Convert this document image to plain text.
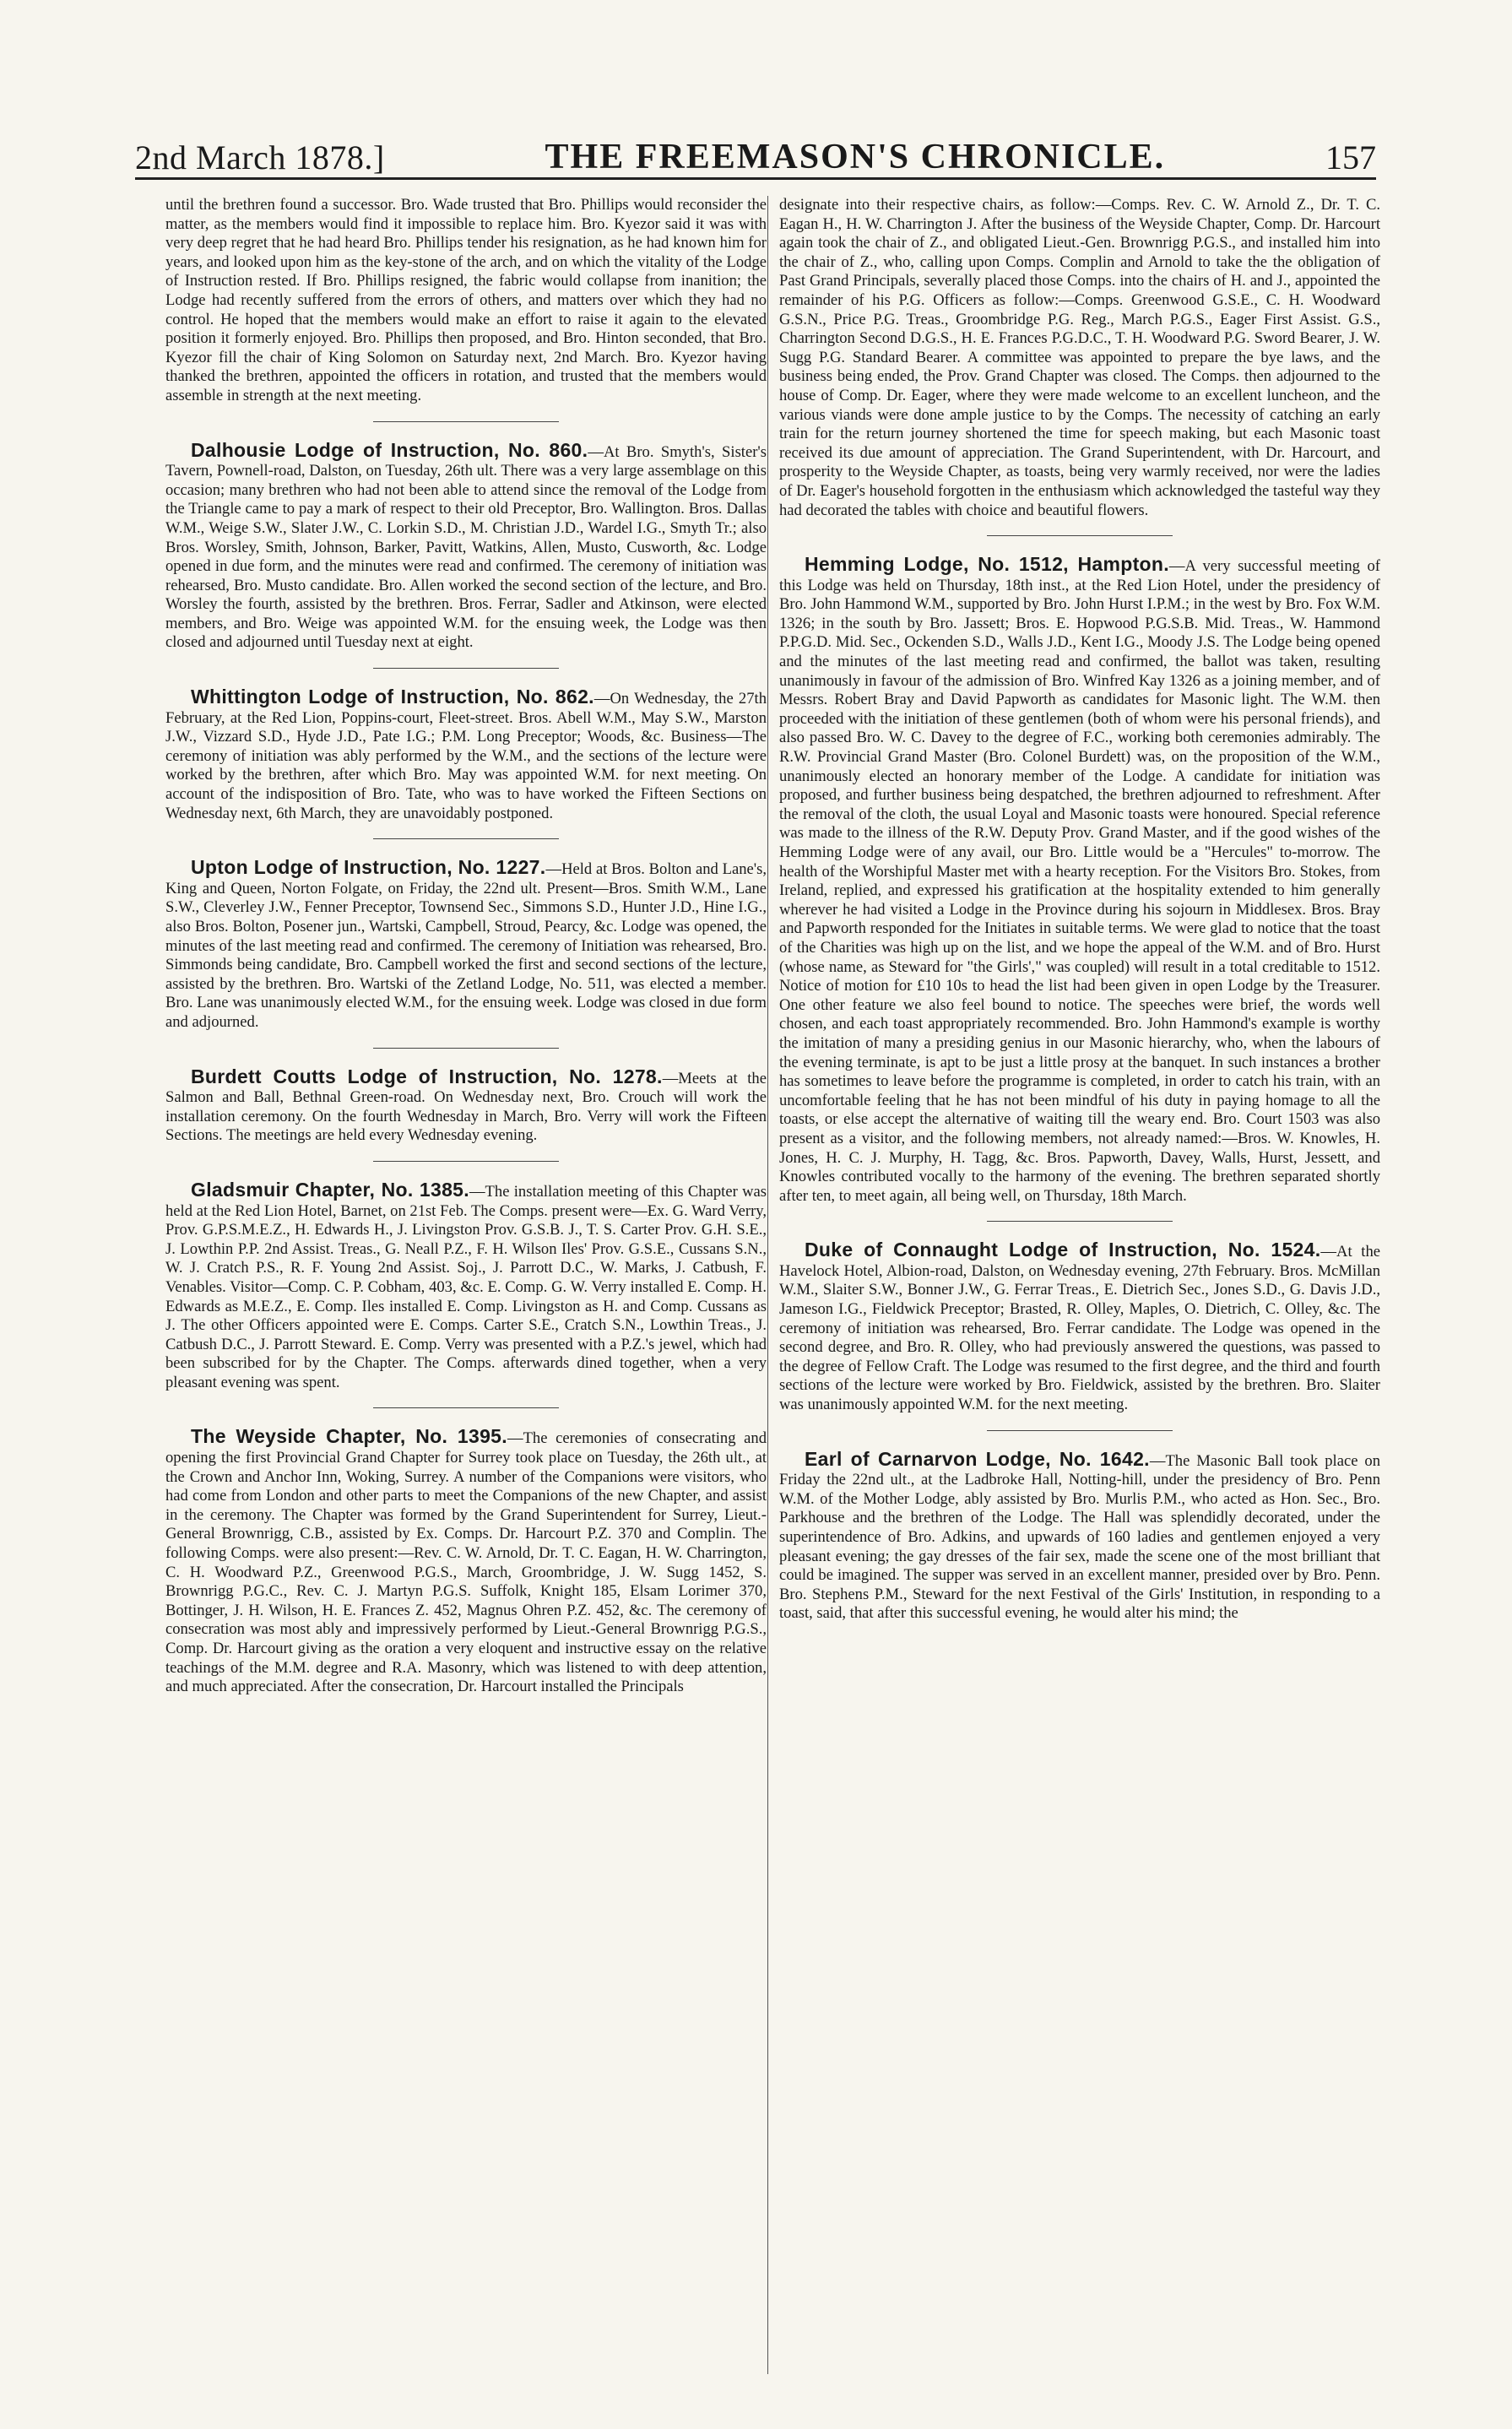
2nd March 1878.]	THE FREEMASON'S CHRONICLE.	157

until the brethren found a successor. Bro. Wade trusted that Bro. Phillips would reconsider the matter, as the members would find it impossible to replace him. Bro. Kyezor said it was with very deep regret that he had heard Bro. Phillips tender his resignation, as he had known him for years, and looked upon him as the key-stone of the arch, and on which the vitality of the Lodge of Instruction rested. If Bro. Phillips resigned, the fabric would collapse from inanition; the Lodge had recently suffered from the errors of others, and matters over which they had no control. He hoped that the members would make an effort to raise it again to the elevated position it formerly enjoyed. Bro. Phillips then proposed, and Bro. Hinton seconded, that Bro. Kyezor fill the chair of King Solomon on Saturday next, 2nd March. Bro. Kyezor having thanked the brethren, appointed the officers in rotation, and trusted that the members would assemble in strength at the next meeting.

Dalhousie Lodge of Instruction, No. 860.—At Bro. Smyth's, Sister's Tavern, Pownell-road, Dalston, on Tuesday, 26th ult. There was a very large assemblage on this occasion; many brethren who had not been able to attend since the removal of the Lodge from the Triangle came to pay a mark of respect to their old Preceptor, Bro. Wallington. Bros. Dallas W.M., Weige S.W., Slater J.W., C. Lorkin S.D., M. Christian J.D., Wardel I.G., Smyth Tr.; also Bros. Worsley, Smith, Johnson, Barker, Pavitt, Watkins, Allen, Musto, Cusworth, &c. Lodge opened in due form, and the minutes were read and confirmed. The ceremony of initiation was rehearsed, Bro. Musto candidate. Bro. Allen worked the second section of the lecture, and Bro. Worsley the fourth, assisted by the brethren. Bros. Ferrar, Sadler and Atkinson, were elected members, and Bro. Weige was appointed W.M. for the ensuing week, the Lodge was then closed and adjourned until Tuesday next at eight.

Whittington Lodge of Instruction, No. 862.—On Wednesday, the 27th February, at the Red Lion, Poppins-court, Fleet-street. Bros. Abell W.M., May S.W., Marston J.W., Vizzard S.D., Hyde J.D., Pate I.G.; P.M. Long Preceptor; Woods, &c. Business—The ceremony of initiation was ably performed by the W.M., and the sections of the lecture were worked by the brethren, after which Bro. May was appointed W.M. for next meeting. On account of the indisposition of Bro. Tate, who was to have worked the Fifteen Sections on Wednesday next, 6th March, they are unavoidably postponed.

Upton Lodge of Instruction, No. 1227.—Held at Bros. Bolton and Lane's, King and Queen, Norton Folgate, on Friday, the 22nd ult. Present—Bros. Smith W.M., Lane S.W., Cleverley J.W., Fenner Preceptor, Townsend Sec., Simmons S.D., Hunter J.D., Hine I.G., also Bros. Bolton, Posener jun., Wartski, Campbell, Stroud, Pearcy, &c. Lodge was opened, the minutes of the last meeting read and confirmed. The ceremony of Initiation was rehearsed, Bro. Simmonds being candidate, Bro. Campbell worked the first and second sections of the lecture, assisted by the brethren. Bro. Wartski of the Zetland Lodge, No. 511, was elected a member. Bro. Lane was unanimously elected W.M., for the ensuing week. Lodge was closed in due form and adjourned.

Burdett Coutts Lodge of Instruction, No. 1278.—Meets at the Salmon and Ball, Bethnal Green-road. On Wednesday next, Bro. Crouch will work the installation ceremony. On the fourth Wednesday in March, Bro. Verry will work the Fifteen Sections. The meetings are held every Wednesday evening.

Gladsmuir Chapter, No. 1385.—The installation meeting of this Chapter was held at the Red Lion Hotel, Barnet, on 21st Feb. The Comps. present were—Ex. G. Ward Verry, Prov. G.P.S.M.E.Z., H. Edwards H., J. Livingston Prov. G.S.B. J., T. S. Carter Prov. G.H. S.E., J. Lowthin P.P. 2nd Assist. Treas., G. Neall P.Z., F. H. Wilson Iles' Prov. G.S.E., Cussans S.N., W. J. Cratch P.S., R. F. Young 2nd Assist. Soj., J. Parrott D.C., W. Marks, J. Catbush, F. Venables. Visitor—Comp. C. P. Cobham, 403, &c. E. Comp. G. W. Verry installed E. Comp. H. Edwards as M.E.Z., E. Comp. Iles installed E. Comp. Livingston as H. and Comp. Cussans as J. The other Officers appointed were E. Comps. Carter S.E., Cratch S.N., Lowthin Treas., J. Catbush D.C., J. Parrott Steward. E. Comp. Verry was presented with a P.Z.'s jewel, which had been subscribed for by the Chapter. The Comps. afterwards dined together, when a very pleasant evening was spent.

The Weyside Chapter, No. 1395.—The ceremonies of consecrating and opening the first Provincial Grand Chapter for Surrey took place on Tuesday, the 26th ult., at the Crown and Anchor Inn, Woking, Surrey. A number of the Companions were visitors, who had come from London and other parts to meet the Companions of the new Chapter, and assist in the ceremony. The Chapter was formed by the Grand Superintendent for Surrey, Lieut.-General Brownrigg, C.B., assisted by Ex. Comps. Dr. Harcourt P.Z. 370 and Complin. The following Comps. were also present:—Rev. C. W. Arnold, Dr. T. C. Eagan, H. W. Charrington, C. H. Woodward P.Z., Greenwood P.G.S., March, Groombridge, J. W. Sugg 1452, S. Brownrigg P.G.C., Rev. C. J. Martyn P.G.S. Suffolk, Knight 185, Elsam Lorimer 370, Bottinger, J. H. Wilson, H. E. Frances Z. 452, Magnus Ohren P.Z. 452, &c. The ceremony of consecration was most ably and impressively performed by Lieut.-General Brownrigg P.G.S., Comp. Dr. Harcourt giving as the oration a very eloquent and instructive essay on the relative teachings of the M.M. degree and R.A. Masonry, which was listened to with deep attention, and much appreciated. After the consecration, Dr. Harcourt installed the Principals

designate into their respective chairs, as follow:—Comps. Rev. C. W. Arnold Z., Dr. T. C. Eagan H., H. W. Charrington J. After the business of the Weyside Chapter, Comp. Dr. Harcourt again took the chair of Z., and obligated Lieut.-Gen. Brownrigg P.G.S., and installed him into the chair of Z., who, calling upon Comps. Complin and Arnold to take the the obligation of Past Grand Principals, severally placed those Comps. into the chairs of H. and J., appointed the remainder of his P.G. Officers as follow:—Comps. Greenwood G.S.E., C. H. Woodward G.S.N., Price P.G. Treas., Groombridge P.G. Reg., March P.G.S., Eager First Assist. G.S., Charrington Second D.G.S., H. E. Frances P.G.D.C., T. H. Woodward P.G. Sword Bearer, J. W. Sugg P.G. Standard Bearer. A committee was appointed to prepare the bye laws, and the business being ended, the Prov. Grand Chapter was closed. The Comps. then adjourned to the house of Comp. Dr. Eager, where they were made welcome to an excellent luncheon, and the various viands were done ample justice to by the Comps. The necessity of catching an early train for the return journey shortened the time for speech making, but each Masonic toast received its due amount of appreciation. The Grand Superintendent, with Dr. Harcourt, and prosperity to the Weyside Chapter, as toasts, being very warmly received, nor were the ladies of Dr. Eager's household forgotten in the enthusiasm which acknowledged the tasteful way they had decorated the tables with choice and beautiful flowers.

Hemming Lodge, No. 1512, Hampton.—A very successful meeting of this Lodge was held on Thursday, 18th inst., at the Red Lion Hotel, under the presidency of Bro. John Hammond W.M., supported by Bro. John Hurst I.P.M.; in the west by Bro. Fox W.M. 1326; in the south by Bro. Jassett; Bros. E. Hopwood P.G.S.B. Mid. Treas., W. Hammond P.P.G.D. Mid. Sec., Ockenden S.D., Walls J.D., Kent I.G., Moody J.S. The Lodge being opened and the minutes of the last meeting read and confirmed, the ballot was taken, resulting unanimously in favour of the admission of Bro. Winfred Kay 1326 as a joining member, and of Messrs. Robert Bray and David Papworth as candidates for Masonic light. The W.M. then proceeded with the initiation of these gentlemen (both of whom were his personal friends), and also passed Bro. W. C. Davey to the degree of F.C., working both ceremonies admirably. The R.W. Provincial Grand Master (Bro. Colonel Burdett) was, on the proposition of the W.M., unanimously elected an honorary member of the Lodge. A candidate for initiation was proposed, and further business being despatched, the brethren adjourned to refreshment. After the removal of the cloth, the usual Loyal and Masonic toasts were honoured. Special reference was made to the illness of the R.W. Deputy Prov. Grand Master, and if the good wishes of the Hemming Lodge were of any avail, our Bro. Little would be a "Hercules" to-morrow. The health of the Worshipful Master met with a hearty reception. For the Visitors Bro. Stokes, from Ireland, replied, and expressed his gratification at the hospitality extended to him generally wherever he had visited a Lodge in the Province during his sojourn in Middlesex. Bros. Bray and Papworth responded for the Initiates in suitable terms. We were glad to notice that the toast of the Charities was high up on the list, and we hope the appeal of the W.M. and of Bro. Hurst (whose name, as Steward for "the Girls'," was coupled) will result in a total creditable to 1512. Notice of motion for £10 10s to head the list had been given in open Lodge by the Treasurer. One other feature we also feel bound to notice. The speeches were brief, the words well chosen, and each toast appropriately recommended. Bro. John Hammond's example is worthy the imitation of many a presiding genius in our Masonic hierarchy, who, when the labours of the evening terminate, is apt to be just a little prosy at the banquet. In such instances a brother has sometimes to leave before the programme is completed, in order to catch his train, with an uncomfortable feeling that he has not been mindful of his duty in paying homage to all the toasts, or else accept the alternative of waiting till the weary end. Bro. Court 1503 was also present as a visitor, and the following members, not already named:—Bros. W. Knowles, H. Jones, H. C. J. Murphy, H. Tagg, &c. Bros. Papworth, Davey, Walls, Hurst, Jessett, and Knowles contributed vocally to the harmony of the evening. The brethren separated shortly after ten, to meet again, all being well, on Thursday, 18th March.

Duke of Connaught Lodge of Instruction, No. 1524.—At the Havelock Hotel, Albion-road, Dalston, on Wednesday evening, 27th February. Bros. McMillan W.M., Slaiter S.W., Bonner J.W., G. Ferrar Treas., E. Dietrich Sec., Jones S.D., G. Davis J.D., Jameson I.G., Fieldwick Preceptor; Brasted, R. Olley, Maples, O. Dietrich, C. Olley, &c. The ceremony of initiation was rehearsed, Bro. Ferrar candidate. The Lodge was opened in the second degree, and Bro. R. Olley, who had previously answered the questions, was passed to the degree of Fellow Craft. The Lodge was resumed to the first degree, and the third and fourth sections of the lecture were worked by Bro. Fieldwick, assisted by the brethren. Bro. Slaiter was unanimously appointed W.M. for the next meeting.

Earl of Carnarvon Lodge, No. 1642.—The Masonic Ball took place on Friday the 22nd ult., at the Ladbroke Hall, Notting-hill, under the presidency of Bro. Penn W.M. of the Mother Lodge, ably assisted by Bro. Murlis P.M., who acted as Hon. Sec., Bro. Parkhouse and the brethren of the Lodge. The Hall was splendidly decorated, under the superintendence of Bro. Adkins, and upwards of 160 ladies and gentlemen enjoyed a very pleasant evening; the gay dresses of the fair sex, made the scene one of the most brilliant that could be imagined. The supper was served in an excellent manner, presided over by Bro. Penn. Bro. Stephens P.M., Steward for the next Festival of the Girls' Institution, in responding to a toast, said, that after this successful evening, he would alter his mind; the
